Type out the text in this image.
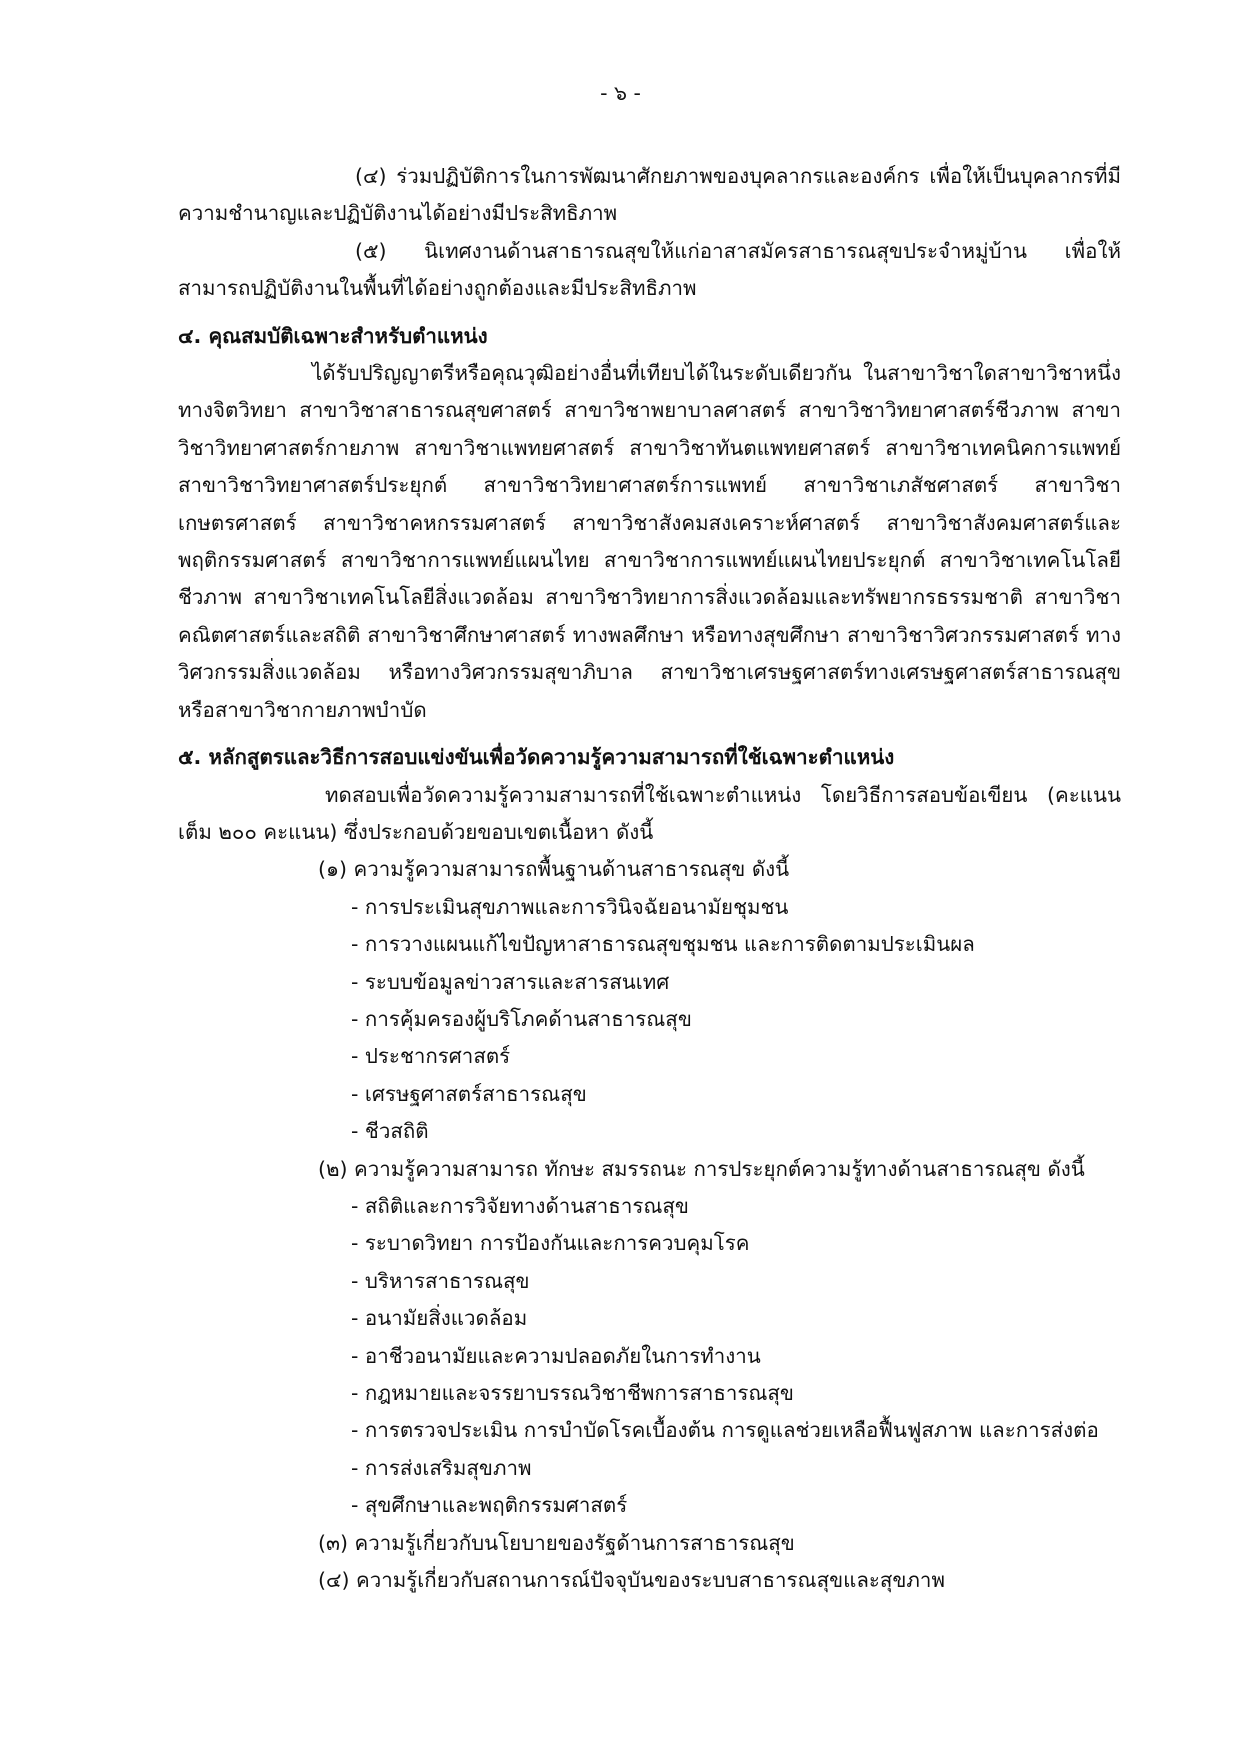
- ๖ -

(๔) ร่วมปฏิบัติการในการพัฒนาศักยภาพของบุคลากรและองค์กร เพื่อให้เป็นบุคลากรที่มีความชำนาญและปฏิบัติงานได้อย่างมีประสิทธิภาพ

(๕) นิเทศงานด้านสาธารณสุขให้แก่อาสาสมัครสาธารณสุขประจำหมู่บ้าน เพื่อให้สามารถปฏิบัติงานในพื้นที่ได้อย่างถูกต้องและมีประสิทธิภาพ

๔. คุณสมบัติเฉพาะสำหรับตำแหน่ง

ได้รับปริญญาตรีหรือคุณวุฒิอย่างอื่นที่เทียบได้ในระดับเดียวกัน ในสาขาวิชาใดสาขาวิชาหนึ่ง ทางจิตวิทยา สาขาวิชาสาธารณสุขศาสตร์ สาขาวิชาพยาบาลศาสตร์ สาขาวิชาวิทยาศาสตร์ชีวภาพ สาขาวิชาวิทยาศาสตร์กายภาพ สาขาวิชาแพทยศาสตร์ สาขาวิชาทันตแพทยศาสตร์ สาขาวิชาเทคนิคการแพทย์ สาขาวิชาวิทยาศาสตร์ประยุกต์ สาขาวิชาวิทยาศาสตร์การแพทย์ สาขาวิชาเภสัชศาสตร์ สาขาวิชาเกษตรศาสตร์ สาขาวิชาคหกรรมศาสตร์ สาขาวิชาสังคมสงเคราะห์ศาสตร์ สาขาวิชาสังคมศาสตร์และพฤติกรรมศาสตร์ สาขาวิชาการแพทย์แผนไทย สาขาวิชาการแพทย์แผนไทยประยุกต์ สาขาวิชาเทคโนโลยีชีวภาพ สาขาวิชาเทคโนโลยีสิ่งแวดล้อม สาขาวิชาวิทยาการสิ่งแวดล้อมและทรัพยากรธรรมชาติ สาขาวิชาคณิตศาสตร์และสถิติ สาขาวิชาศึกษาศาสตร์ ทางพลศึกษา หรือทางสุขศึกษา สาขาวิชาวิศวกรรมศาสตร์ ทางวิศวกรรมสิ่งแวดล้อม หรือทางวิศวกรรมสุขาภิบาล สาขาวิชาเศรษฐศาสตร์ทางเศรษฐศาสตร์สาธารณสุข หรือสาขาวิชากายภาพบำบัด

๕. หลักสูตรและวิธีการสอบแข่งขันเพื่อวัดความรู้ความสามารถที่ใช้เฉพาะตำแหน่ง

ทดสอบเพื่อวัดความรู้ความสามารถที่ใช้เฉพาะตำแหน่ง โดยวิธีการสอบข้อเขียน (คะแนนเต็ม ๒๐๐ คะแนน) ซึ่งประกอบด้วยขอบเขตเนื้อหา ดังนี้

(๑) ความรู้ความสามารถพื้นฐานด้านสาธารณสุข ดังนี้

- การประเมินสุขภาพและการวินิจฉัยอนามัยชุมชน

- การวางแผนแก้ไขปัญหาสาธารณสุขชุมชน และการติดตามประเมินผล

- ระบบข้อมูลข่าวสารและสารสนเทศ

- การคุ้มครองผู้บริโภคด้านสาธารณสุข

- ประชากรศาสตร์

- เศรษฐศาสตร์สาธารณสุข

- ชีวสถิติ

(๒) ความรู้ความสามารถ ทักษะ สมรรถนะ การประยุกต์ความรู้ทางด้านสาธารณสุข ดังนี้

- สถิติและการวิจัยทางด้านสาธารณสุข

- ระบาดวิทยา การป้องกันและการควบคุมโรค

- บริหารสาธารณสุข

- อนามัยสิ่งแวดล้อม

- อาชีวอนามัยและความปลอดภัยในการทำงาน

- กฎหมายและจรรยาบรรณวิชาชีพการสาธารณสุข

- การตรวจประเมิน การบำบัดโรคเบื้องต้น การดูแลช่วยเหลือฟื้นฟูสภาพ และการส่งต่อ

- การส่งเสริมสุขภาพ

- สุขศึกษาและพฤติกรรมศาสตร์

(๓) ความรู้เกี่ยวกับนโยบายของรัฐด้านการสาธารณสุข

(๔) ความรู้เกี่ยวกับสถานการณ์ปัจจุบันของระบบสาธารณสุขและสุขภาพ
